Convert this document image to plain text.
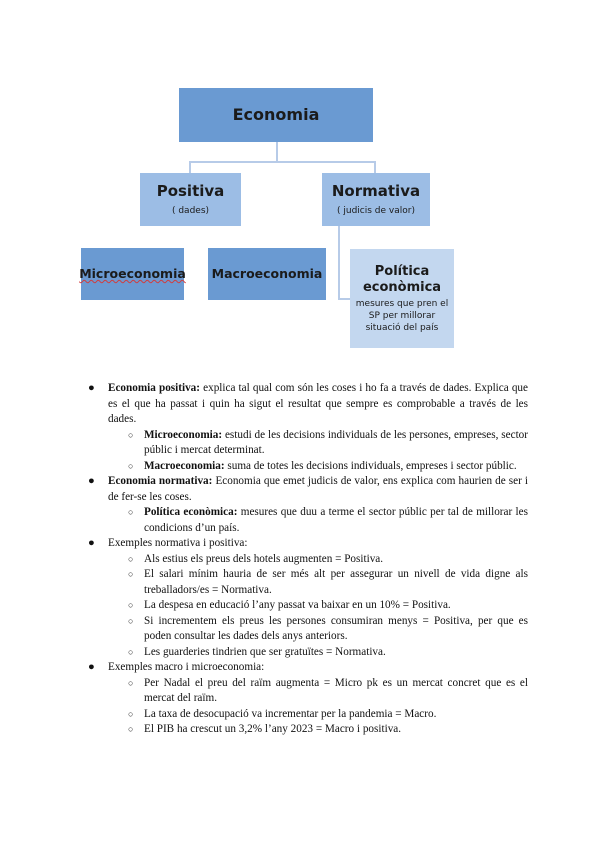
Economia
Positiva
( dades)
Normativa
( judicis de valor)
Microeconomia Macroeconomia	Política
econòmica
mesures que pren el
SP per millorar
situació del país
● Economia positiva: explica tal qual com són les coses i ho fa a través de dades. Explica que es el que ha passat i quin ha sigut el resultat que sempre es comprobable a través de les dades.
○ Microeconomia: estudi de les decisions individuals de les persones, empreses, sector públic i mercat determinat.
○ Macroeconomia: suma de totes les decisions individuals, empreses i sector públic.
● Economia normativa: Economia que emet judicis de valor, ens explica com haurien de ser i de fer-se les coses.
○ Política econòmica: mesures que duu a terme el sector públic per tal de millorar les condicions d’un país.
● Exemples normativa i positiva:
○ Als estius els preus dels hotels augmenten = Positiva.
○ El salari mínim hauria de ser més alt per assegurar un nivell de vida digne als treballadors/es = Normativa.
○ La despesa en educació l’any passat va baixar en un 10% = Positiva.
○ Si incrementem els preus les persones consumiran menys = Positiva, per que es poden consultar les dades dels anys anteriors.
○ Les guarderies tindrien que ser gratuïtes = Normativa.
● Exemples macro i microeconomia:
○ Per Nadal el preu del raïm augmenta = Micro pk es un mercat concret que es el mercat del raïm.
○ La taxa de desocupació va incrementar per la pandemia = Macro.
○ El PIB ha crescut un 3,2% l’any 2023 = Macro i positiva.
